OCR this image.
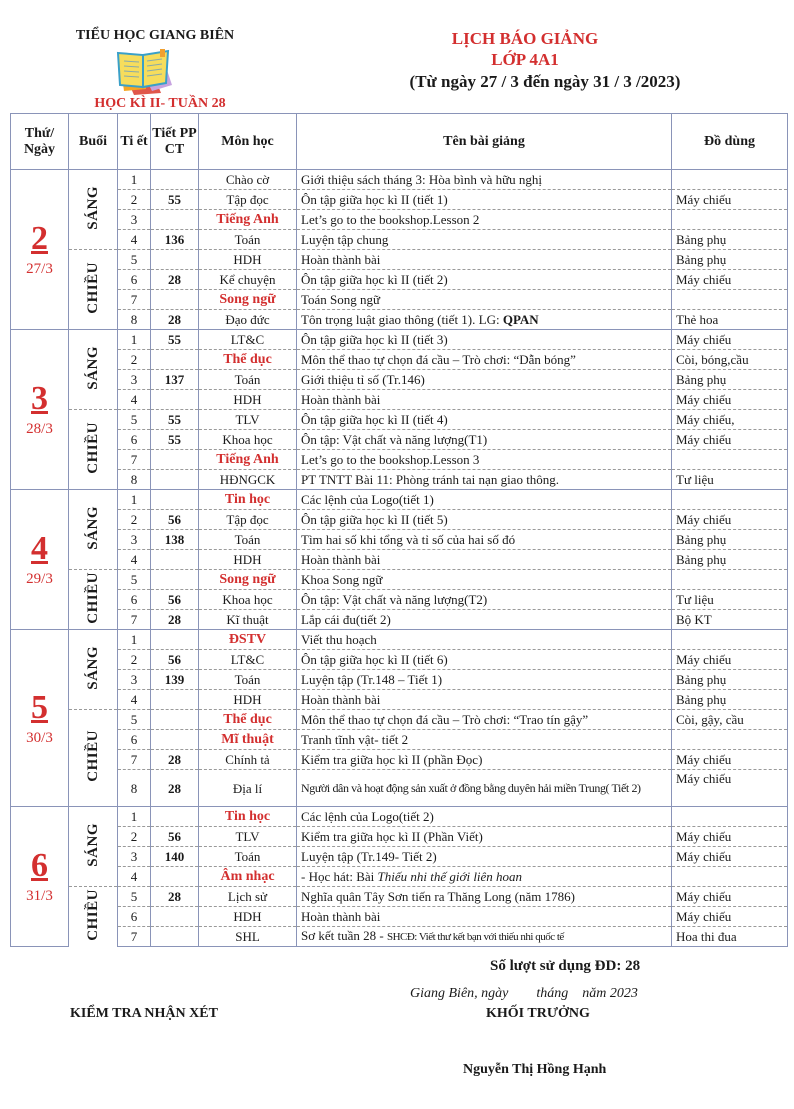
TIỂU HỌC GIANG BIÊN
HỌC KÌ II- TUẦN 28
LỊCH BÁO GIẢNG
LỚP 4A1
(Từ ngày 27 / 3 đến ngày 31 / 3 /2023)
Thứ/ Ngày	Buổi	Ti ết	Tiết PP CT	Môn học	Tên bài giảng	Đồ dùng

2
27/3	SÁNG	1		Chào cờ	Giới thiệu sách tháng 3: Hòa bình và hữu nghị	
		2	55	Tập đọc	Ôn tập giữa học kì II (tiết 1)	Máy chiếu
		3		Tiếng Anh	Let’s go to the bookshop.Lesson 2	
		4	136	Toán	Luyện tập chung	Bảng phụ
	CHIỀU	5		HDH	Hoàn thành bài	Bảng phụ
		6	28	Kể chuyện	Ôn tập giữa học kì II (tiết 2)	Máy chiếu
		7		Song ngữ	Toán Song ngữ	
		8	28	Đạo đức	Tôn trọng luật giao thông (tiết 1). LG: QPAN	Thẻ hoa

3
28/3	SÁNG	1	55	LT&C	Ôn tập giữa học kì II (tiết 3)	Máy chiếu
		2		Thể dục	Môn thể thao tự chọn đá cầu – Trò chơi: “Dẫn bóng”	Còi, bóng,cầu
		3	137	Toán	Giới thiệu tỉ số (Tr.146)	Bảng phụ
		4		HDH	Hoàn thành bài	Máy chiếu
	CHIỀU	5	55	TLV	Ôn tập giữa học kì II (tiết 4)	Máy chiếu,
		6	55	Khoa học	Ôn tập: Vật chất và năng lượng(T1)	Máy chiếu
		7		Tiếng Anh	Let’s go to the bookshop.Lesson 3	
		8		HĐNGCK	PT TNTT Bài 11: Phòng tránh tai nạn giao thông.	Tư liệu

4
29/3	SÁNG	1		Tin học	Các lệnh của Logo(tiết 1)	
		2	56	Tập đọc	Ôn tập giữa học kì II (tiết 5)	Máy chiếu
		3	138	Toán	Tìm hai số khi tổng và tỉ số của hai số đó	Bảng phụ
		4		HDH	Hoàn thành bài	Bảng phụ
	CHIỀU	5		Song ngữ	Khoa Song ngữ	
		6	56	Khoa học	Ôn tập: Vật chất và năng lượng(T2)	Tư liệu
		7	28	Kĩ thuật	Lắp cái đu(tiết 2)	Bộ KT

5
30/3	SÁNG	1		ĐSTV	Viết thu hoạch	
		2	56	LT&C	Ôn tập giữa học kì II (tiết 6)	Máy chiếu
		3	139	Toán	Luyện tập (Tr.148 – Tiết 1)	Bảng phụ
		4		HDH	Hoàn thành bài	Bảng phụ
	CHIỀU	5		Thể dục	Môn thể thao tự chọn đá cầu – Trò chơi: “Trao tín gậy”	Còi, gậy, cầu
		6		Mĩ thuật	Tranh tĩnh vật- tiết 2	
		7	28	Chính tả	Kiểm tra giữa học kì II (phần Đọc)	Máy chiếu
		8	28	Địa lí	Người dân và hoạt động sản xuất ở đồng bằng duyên hải miền Trung( Tiết 2)	Máy chiếu

6
31/3	SÁNG	1		Tin học	Các lệnh của Logo(tiết 2)	
		2	56	TLV	Kiểm tra giữa học kì II (Phần Viết)	Máy chiếu
		3	140	Toán	Luyện tập (Tr.149- Tiết 2)	Máy chiếu
		4		Âm nhạc	- Học hát: Bài Thiếu nhi thế giới liên hoan	
	CHIỀU	5	28	Lịch sử	Nghĩa quân Tây Sơn tiến ra Thăng Long (năm 1786)	Máy chiếu
		6		HDH	Hoàn thành bài	Máy chiếu
		7		SHL	Sơ kết tuần 28 - SHCĐ: Viết thư kết bạn với thiếu nhi quốc tế	Hoa thi đua
Số lượt sử dụng ĐD: 28
Giang Biên, ngày        tháng    năm 2023
KIỂM TRA NHẬN XÉT	KHỐI TRƯỞNG
Nguyễn Thị Hồng Hạnh
